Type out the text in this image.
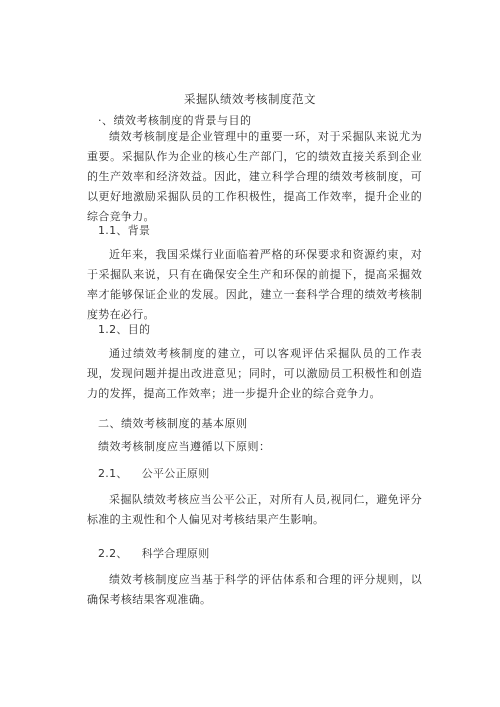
采掘队绩效考核制度范文
·、绩效考核制度的背景与目的

绩效考核制度是企业管理中的重要一环，对于采掘队来说尤为重要。采掘队作为企业的核心生产部门，它的绩效直接关系到企业的生产效率和经济效益。因此，建立科学合理的绩效考核制度，可以更好地激励采掘队员的工作积极性，提高工作效率，提升企业的综合竞争力。

1.1、背景

近年来，我国采煤行业面临着严格的环保要求和资源约束，对于采掘队来说，只有在确保安全生产和环保的前提下，提高采掘效率才能够保证企业的发展。因此，建立一套科学合理的绩效考核制度势在必行。

1.2、目的

通过绩效考核制度的建立，可以客观评估采掘队员的工作表现，发现问题并提出改进意见；同时，可以激励员工积极性和创造力的发挥，提高工作效率；进一步提升企业的综合竞争力。

二、绩效考核制度的基本原则
绩效考核制度应当遵循以下原则：
2.1、 公平公正原则

采掘队绩效考核应当公平公正，对所有人员,视同仁，避免评分标准的主观性和个人偏见对考核结果产生影响。

2.2、 科学合理原则

绩效考核制度应当基于科学的评估体系和合理的评分规则，以确保考核结果客观准确。
